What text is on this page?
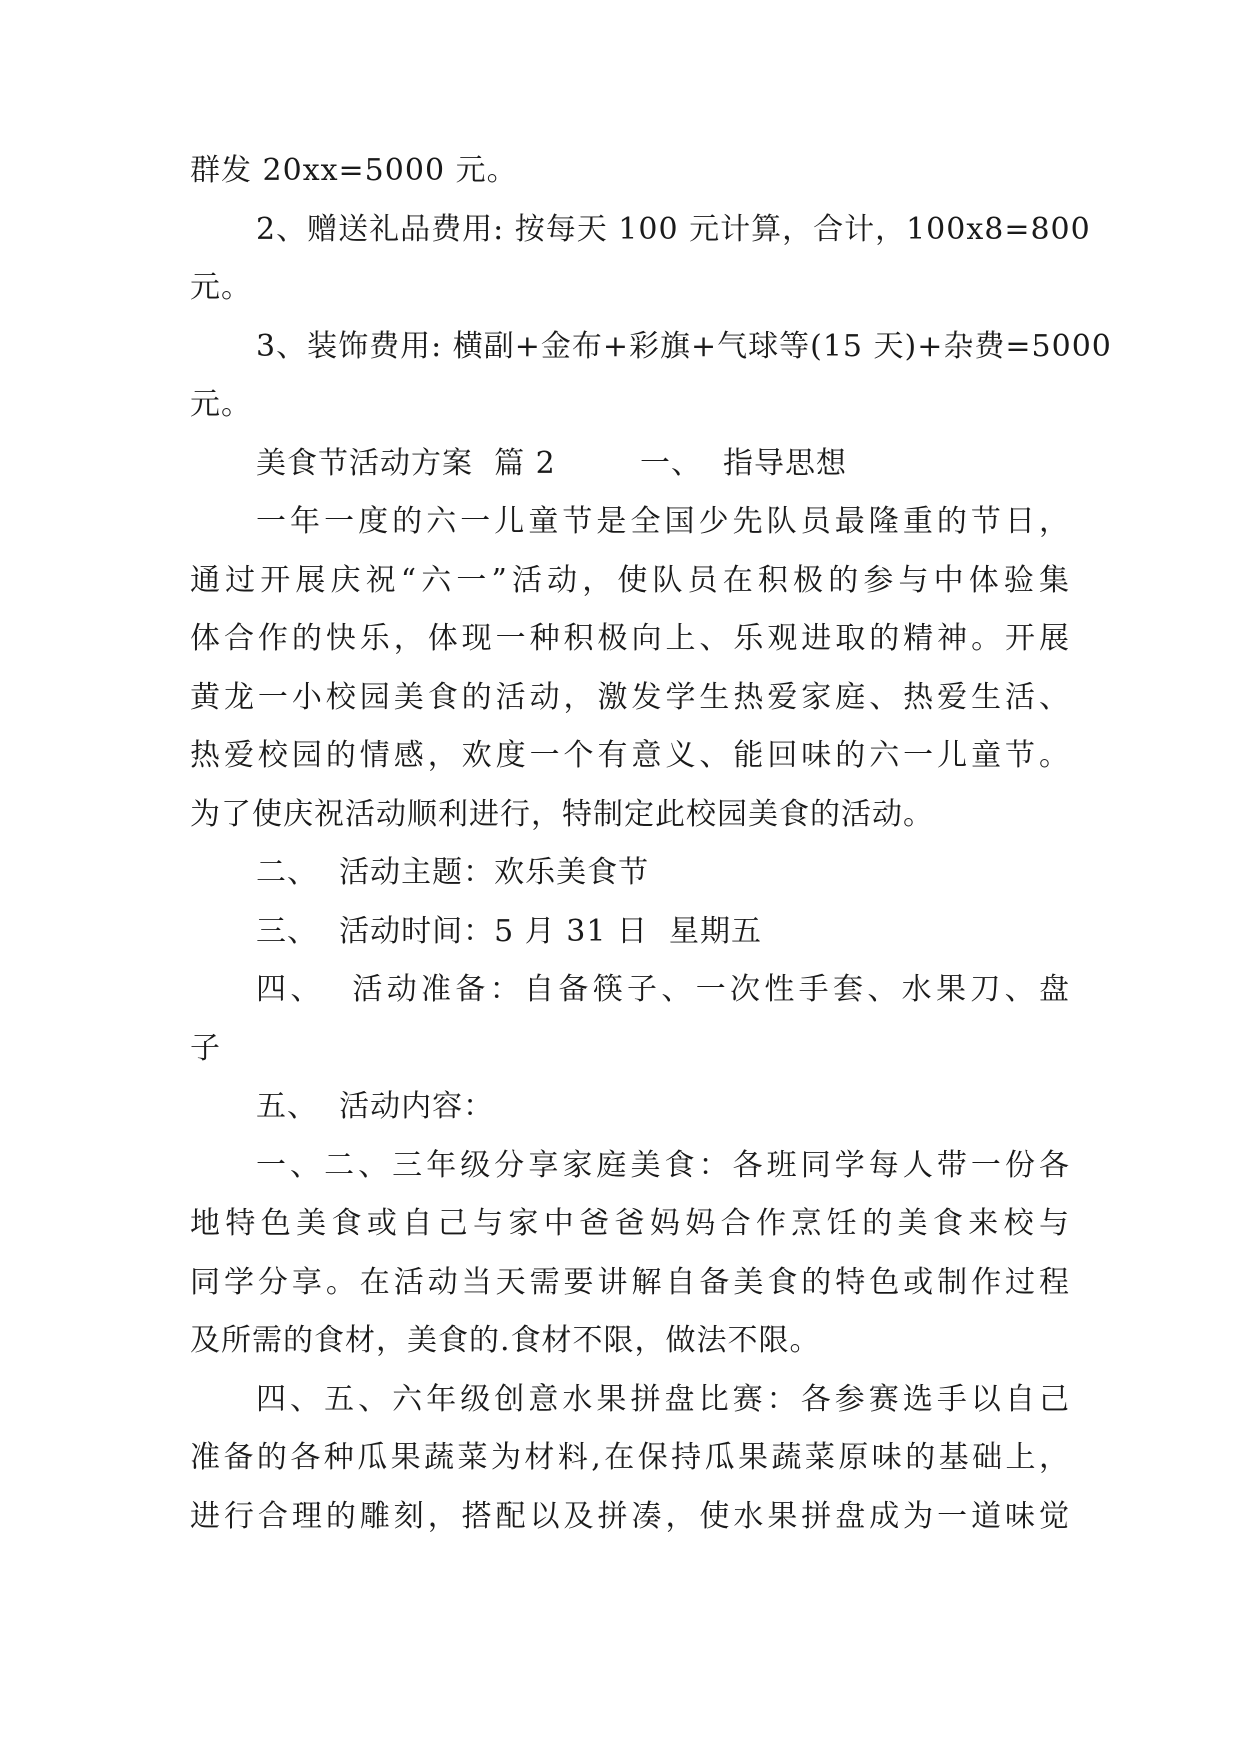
群发 20xx=5000 元。
2、赠送礼品费用: 按每天 100 元计算，合计，100x8=800
元。
3、装饰费用: 横副+金布+彩旗+气球等(15 天)+杂费=5000
元。
美食节活动方案  篇 2        一、  指导思想
一年一度的六一儿童节是全国少先队员最隆重的节日，
通过开展庆祝“六一”活动，使队员在积极的参与中体验集
体合作的快乐，体现一种积极向上、乐观进取的精神。开展
黄龙一小校园美食的活动，激发学生热爱家庭、热爱生活、
热爱校园的情感，欢度一个有意义、能回味的六一儿童节。
为了使庆祝活动顺利进行，特制定此校园美食的活动。
二、  活动主题：欢乐美食节
三、  活动时间：5 月 31 日  星期五
四、  活动准备：自备筷子、一次性手套、水果刀、盘
子
五、  活动内容：
一、二、三年级分享家庭美食：各班同学每人带一份各
地特色美食或自己与家中爸爸妈妈合作烹饪的美食来校与
同学分享。在活动当天需要讲解自备美食的特色或制作过程
及所需的食材，美食的.食材不限，做法不限。
四、五、六年级创意水果拼盘比赛：各参赛选手以自己
准备的各种瓜果蔬菜为材料,在保持瓜果蔬菜原味的基础上，
进行合理的雕刻，搭配以及拼凑，使水果拼盘成为一道味觉
